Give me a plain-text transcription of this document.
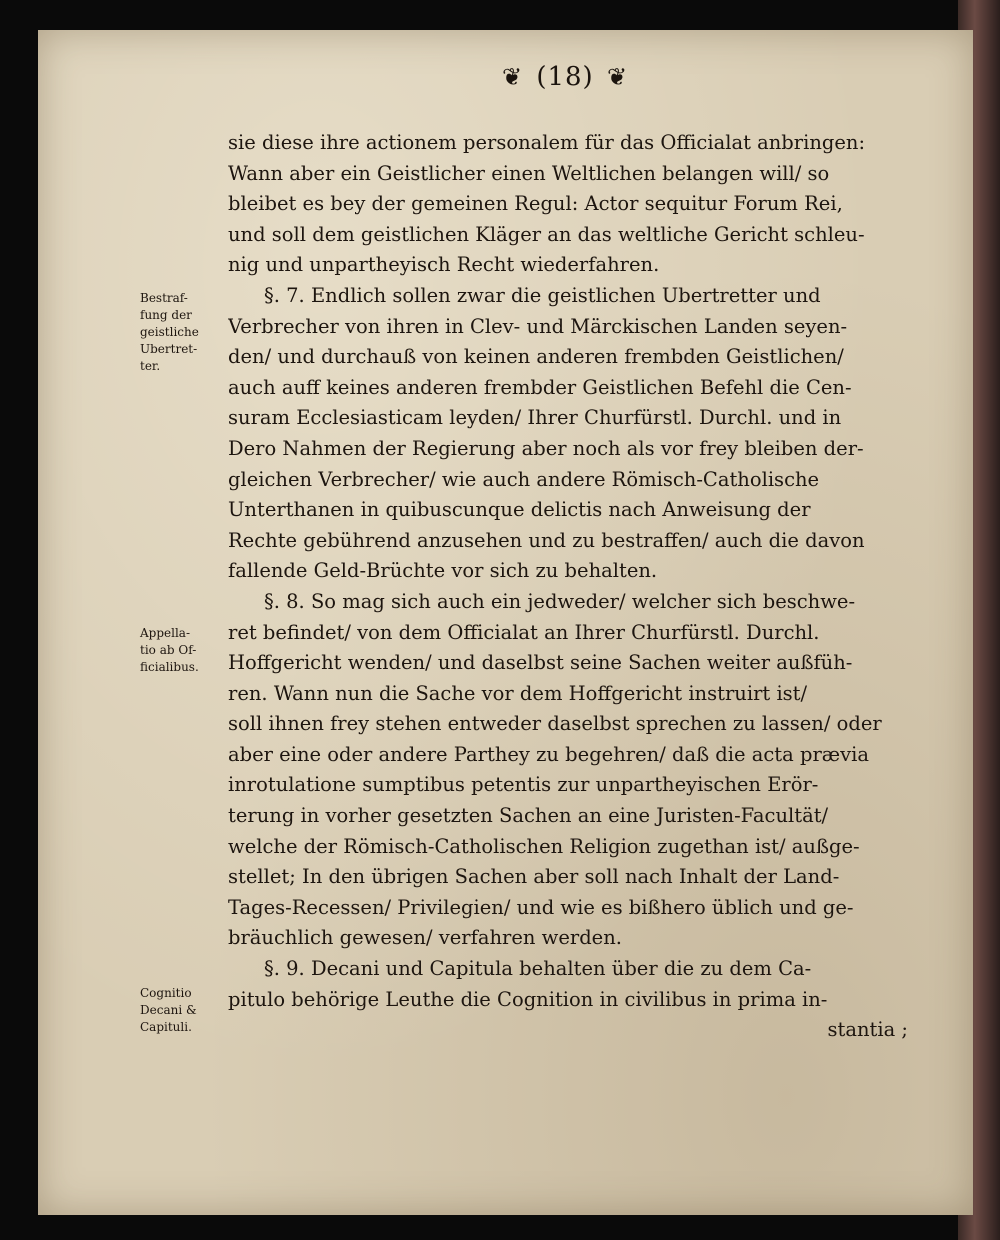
❦ (18) ❦
Bestraf-
fung der
geistliche
Ubertret-
ter.
Appella-
tio ab Of-
ficialibus.
Cognitio
Decani &
Capituli.
sie diese ihre actionem personalem für das Officialat anbringen:
Wann aber ein Geistlicher einen Weltlichen belangen will/ so
bleibet es bey der gemeinen Regul: Actor sequitur Forum Rei,
und soll dem geistlichen Kläger an das weltliche Gericht schleu-
nig und unpartheyisch Recht wiederfahren.
§. 7. Endlich sollen zwar die geistlichen Ubertretter und
Verbrecher von ihren in Clev- und Märckischen Landen seyen-
den/ und durchauß von keinen anderen frembden Geistlichen/
auch auff keines anderen frembder Geistlichen Befehl die Cen-
suram Ecclesiasticam leyden/ Ihrer Churfürstl. Durchl. und in
Dero Nahmen der Regierung aber noch als vor frey bleiben der-
gleichen Verbrecher/ wie auch andere Römisch-Catholische
Unterthanen in quibuscunque delictis nach Anweisung der
Rechte gebührend anzusehen und zu bestraffen/ auch die davon
fallende Geld-Brüchte vor sich zu behalten.
§. 8. So mag sich auch ein jedweder/ welcher sich beschwe-
ret befindet/ von dem Officialat an Ihrer Churfürstl. Durchl.
Hoffgericht wenden/ und daselbst seine Sachen weiter außfüh-
ren. Wann nun die Sache vor dem Hoffgericht instruirt ist/
soll ihnen frey stehen entweder daselbst sprechen zu lassen/ oder
aber eine oder andere Parthey zu begehren/ daß die acta prævia
inrotulatione sumptibus petentis zur unpartheyischen Erör-
terung in vorher gesetzten Sachen an eine Juristen-Facultät/
welche der Römisch-Catholischen Religion zugethan ist/ außge-
stellet; In den übrigen Sachen aber soll nach Inhalt der Land-
Tages-Recessen/ Privilegien/ und wie es bißhero üblich und ge-
bräuchlich gewesen/ verfahren werden.
§. 9. Decani und Capitula behalten über die zu dem Ca-
pitulo behörige Leuthe die Cognition in civilibus in prima in-
stantia ;
